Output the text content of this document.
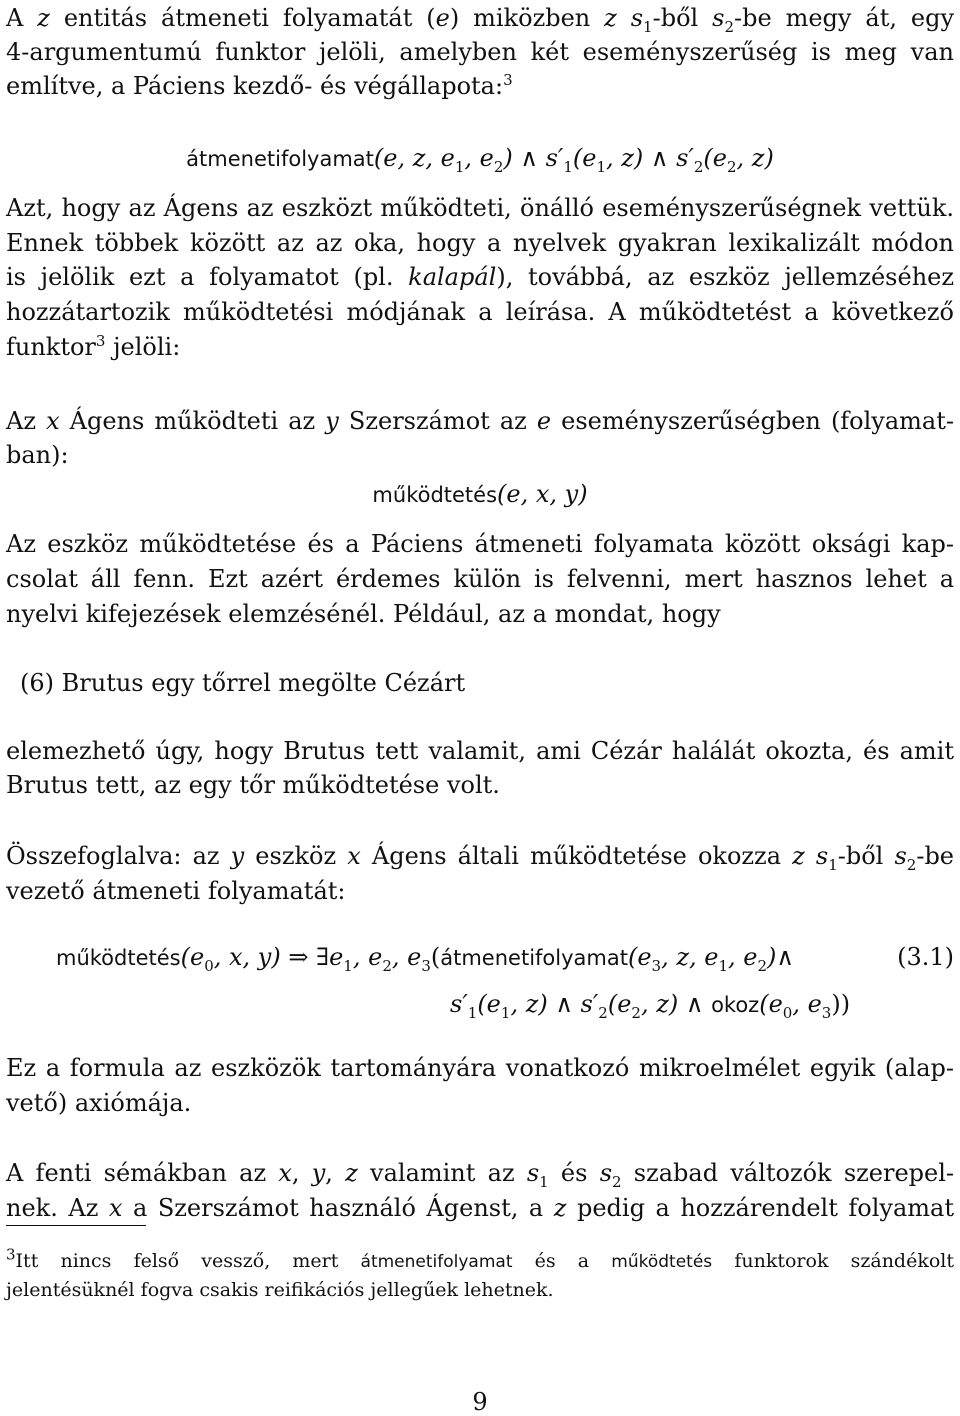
A z entitás átmeneti folyamatát (e) miközben z $s_1$-ből $s_2-be$ megy át, egy
4-argumentumú funktor jelöli, amelyben két eseményszerűség is meg van
említve, a Páciens kezdő- és végállapota:$^3$
átmenetifolyamat(e, z, $e_1$, $e_2$) ∧ $s'_1(e_1$, z) ∧ $s'_2(e_2$, z)
Azt, hogy az Ágens az eszközt működteti, önálló eseményszerűségnek vettük.
Ennek többek között az az oka, hogy a nyelvek gyakran lexikalizált módon
is jelölik ezt a folyamatot (pl. kalapál), továbbá, az eszköz jellemzéséhez
hozzátartozik működtetési módjának a leírása. A működtetést a következő
funktor$^3$ jelöli:
Az x Ágens működteti az y Szerszámot az e eseményszerűségben (folyamat-
ban):
működtetés(e, x, y)
Az eszköz működtetése és a Páciens átmeneti folyamata között oksági kap-
csolat áll fenn. Ezt azért érdemes külön is felvenni, mert hasznos lehet a
nyelvi kifejezések elemzésénél. Például, az a mondat, hogy
(6) Brutus egy tőrrel megölte Cézárt
elemezhető úgy, hogy Brutus tett valamit, ami Cézár halálát okozta, és amit
Brutus tett, az egy tőr működtetése volt.
Összefoglalva: az y eszköz x Ágens általi működtetése okozza z $s_1$-ből $s_2-be$
vezető átmeneti folyamatát:
$működtetés(e_0$, x, y) ⇒ $\exists e_1$, $e_2$, $e_3(átmenetifolyamat(e_3$, z, $e_1$, $e_2)\wedge$	(3.1)
$s'_1(e_1$, z) ∧ $s'_2(e_2$, z) ∧ $okoz(e_0$, $e_3$))
Ez a formula az eszközök tartományára vonatkozó mikroelmélet egyik (alap-
vető) axiómája.
A fenti sémákban az x, y, z valamint az $s_1$ és $s_2$ szabad változók szerepel-
nek. Az x a Szerszámot használó Ágenst, a z pedig a hozzárendelt folyamat
$^3$Itt nincs felső vessző, mert átmenetifolyamat és a működtetés funktorok szándékolt
jelentésüknél fogva csakis reifikációs jellegűek lehetnek.
9
